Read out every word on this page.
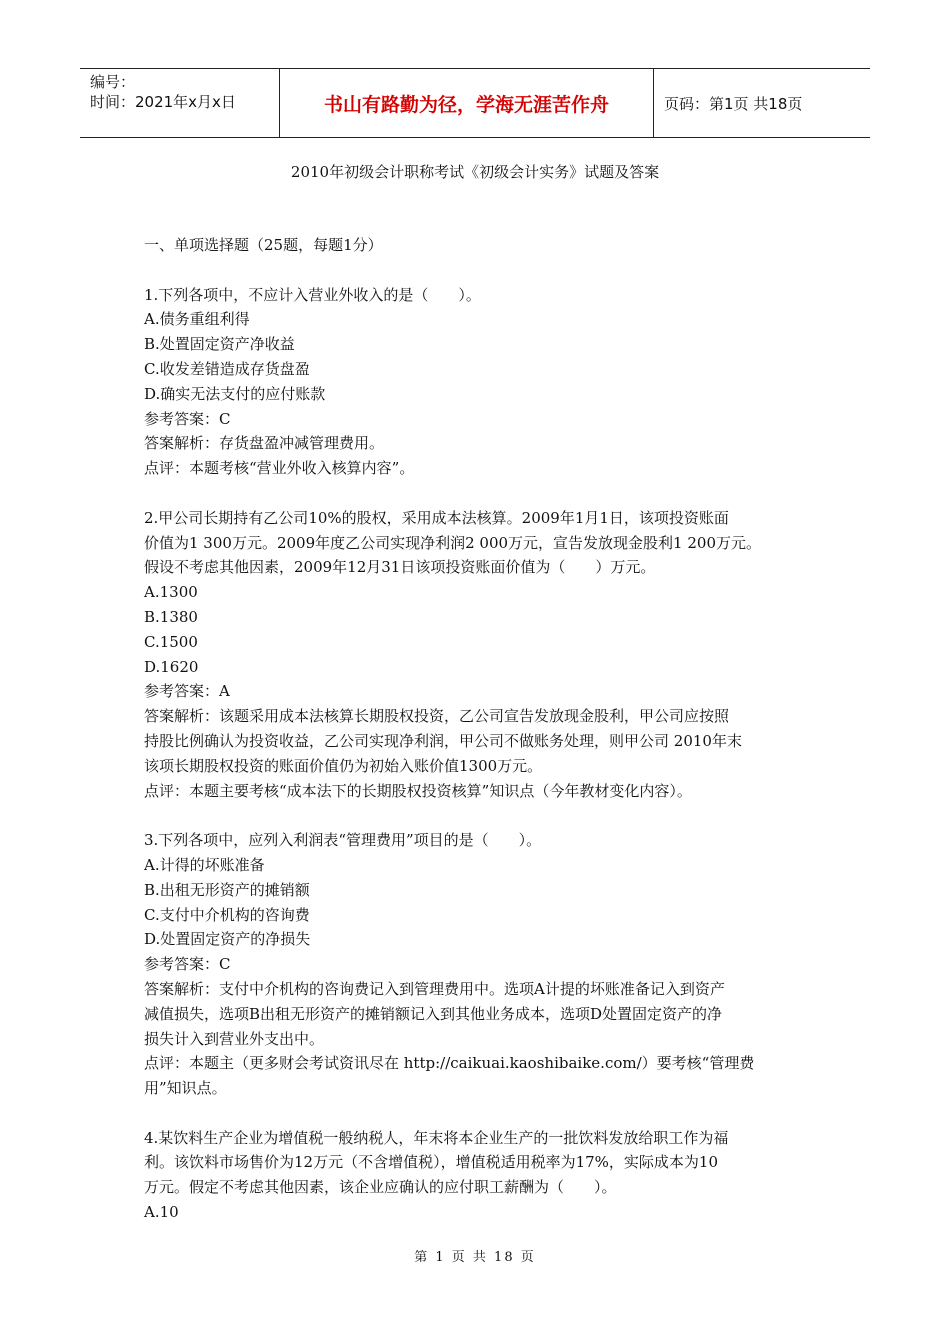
编号：
时间：2021年x月x日	书山有路勤为径，学海无涯苦作舟	页码：第1页 共18页
2010年初级会计职称考试《初级会计实务》试题及答案

一、单项选择题（25题，每题1分）

1.下列各项中，不应计入营业外收入的是（　　）。

A.债务重组利得

B.处置固定资产净收益

C.收发差错造成存货盘盈

D.确实无法支付的应付账款

参考答案：C

答案解析：存货盘盈冲减管理费用。

点评：本题考核“营业外收入核算内容”。

2.甲公司长期持有乙公司10%的股权，采用成本法核算。2009年1月1日，该项投资账面

价值为1 300万元。2009年度乙公司实现净利润2 000万元，宣告发放现金股利1 200万元。

假设不考虑其他因素，2009年12月31日该项投资账面价值为（　　）万元。

A.1300

B.1380

C.1500

D.1620

参考答案：A

答案解析：该题采用成本法核算长期股权投资，乙公司宣告发放现金股利，甲公司应按照

持股比例确认为投资收益，乙公司实现净利润，甲公司不做账务处理，则甲公司 2010年末

该项长期股权投资的账面价值仍为初始入账价值1300万元。

点评：本题主要考核“成本法下的长期股权投资核算”知识点（今年教材变化内容）。

3.下列各项中，应列入利润表“管理费用”项目的是（　　）。

A.计得的坏账准备

B.出租无形资产的摊销额

C.支付中介机构的咨询费

D.处置固定资产的净损失

参考答案：C

答案解析：支付中介机构的咨询费记入到管理费用中。选项A计提的坏账准备记入到资产

减值损失，选项B出租无形资产的摊销额记入到其他业务成本，选项D处置固定资产的净

损失计入到营业外支出中。

点评：本题主（更多财会考试资讯尽在 http://caikuai.kaoshibaike.com/）要考核“管理费

用”知识点。

4.某饮料生产企业为增值税一般纳税人，年末将本企业生产的一批饮料发放给职工作为福

利。该饮料市场售价为12万元（不含增值税），增值税适用税率为17%，实际成本为10

万元。假定不考虑其他因素，该企业应确认的应付职工薪酬为（　　）。

A.10

第 1 页 共 18 页
